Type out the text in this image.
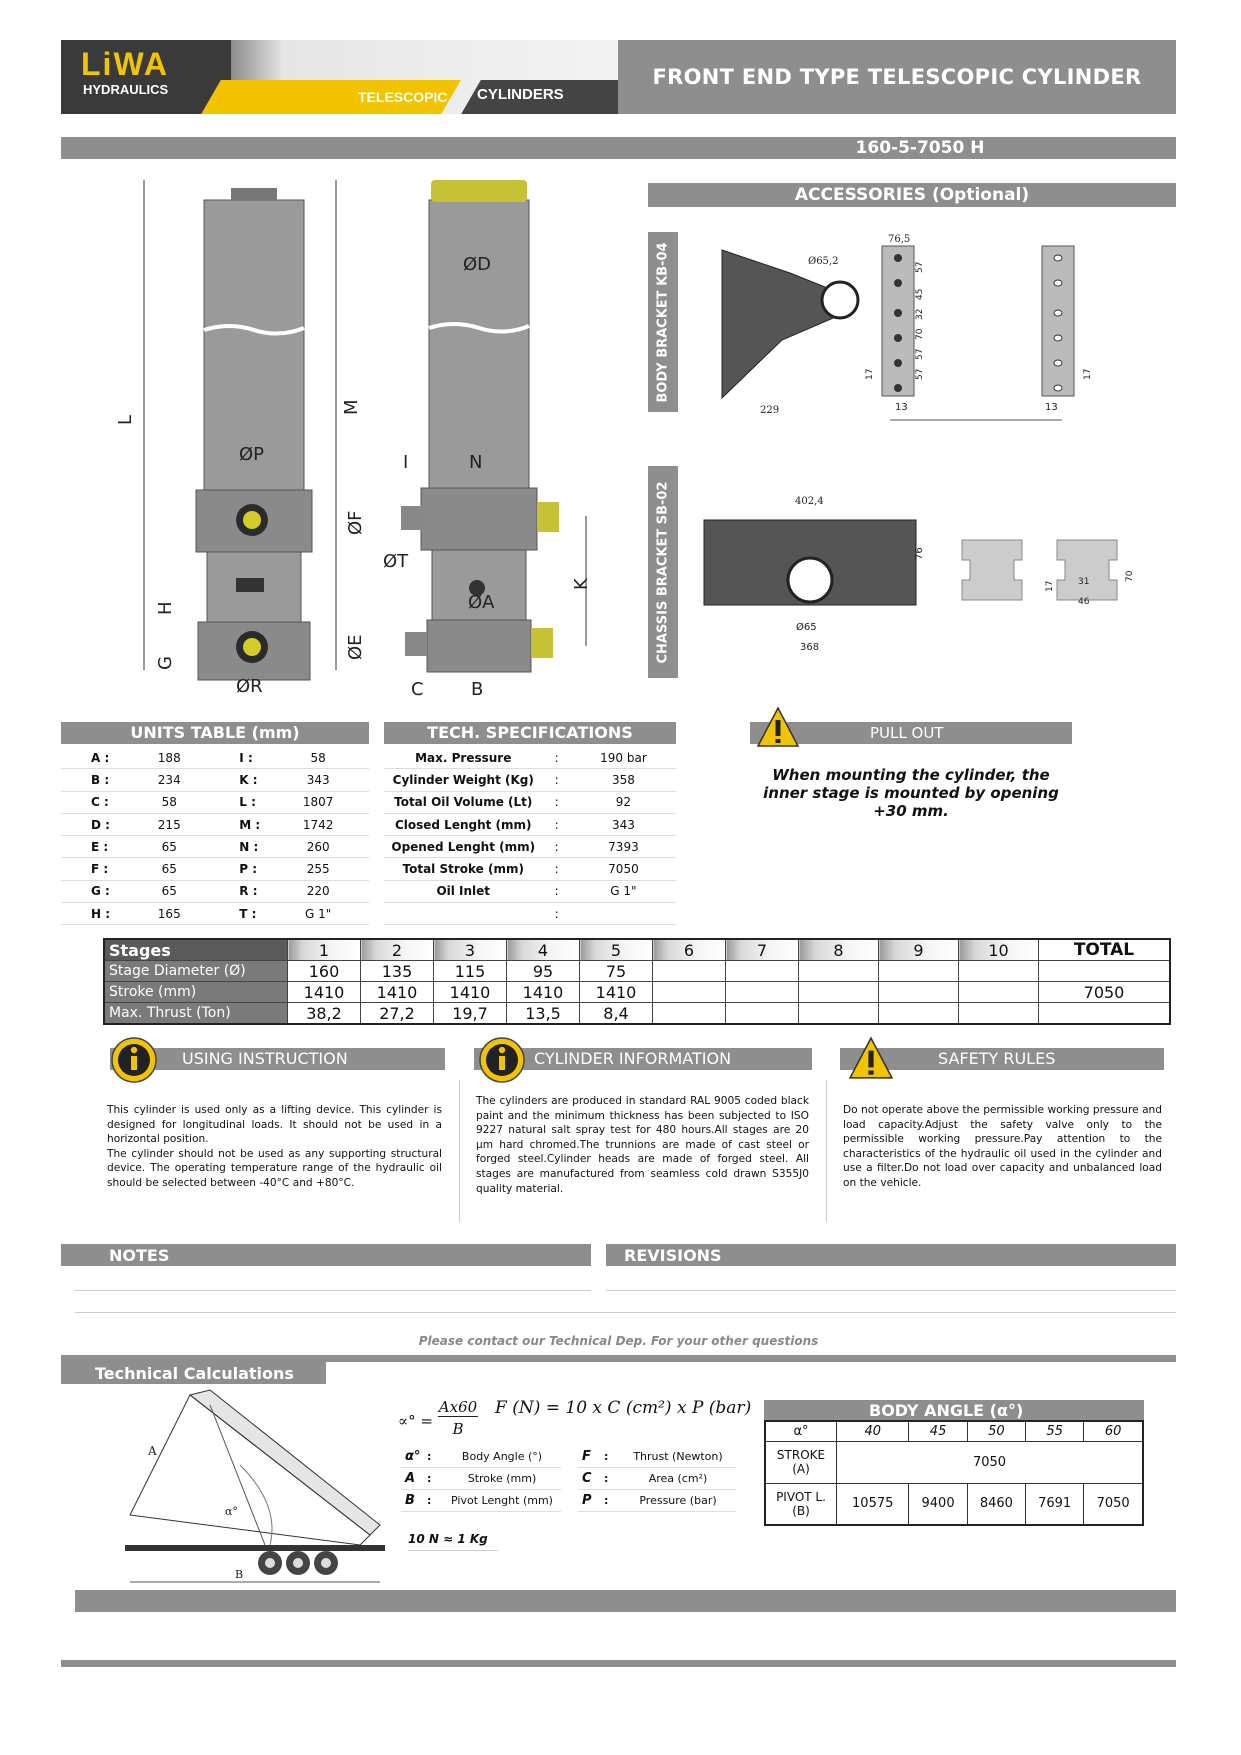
LiWA
HYDRAULICS	TELESCOPIC CYLINDERS
FRONT END TYPE TELESCOPIC CYLINDER
160-5-7050 H
L
M
H
G
ØP
ØR
ØD
I	N
ØF
ØT
ØA
ØE
K
C	B
ACCESSORIES (Optional)
BODY BRACKET KB-04
CHASSIS BRACKET SB-02
Ø65,2
229
76,5
57
45
32
70
57
57
17
13	13
17
402,4
76
Ø65
368
31
46
17
70
UNITS TABLE (mm)
A :	188		I :	58
B :	234		K :	343
C :	58		L :	1807
D :	215		M :	1742
E :	65		N :	260
F :	65		P :	255
G :	65		R :	220
H :	165		T :	G 1"
TECH. SPECIFICATIONS
Max. Pressure	:	190 bar
Cylinder Weight (Kg)	:	358
Total Oil Volume (Lt)	:	92
Closed Lenght (mm)	:	343
Opened Lenght (mm)	:	7393
Total Stroke (mm)	:	7050
Oil Inlet	:	G 1"
	:	
PULL OUT
When mounting the cylinder, the inner stage is mounted by opening +30 mm.
Stages	1	2	3	4	5	6	7	8	9	10	TOTAL
Stage Diameter (Ø)	160	135	115	95	75						
Stroke (mm)	1410	1410	1410	1410	1410						7050
Max. Thrust (Ton)	38,2	27,2	19,7	13,5	8,4						
USING INSTRUCTION
This cylinder is used only as a lifting device. This cylinder is designed for longitudinal loads. It should not be used in a horizontal position.
The cylinder should not be used as any supporting structural device. The operating temperature range of the hydraulic oil should be selected between -40°C and +80°C.
CYLINDER INFORMATION
The cylinders are produced in standard RAL 9005 coded black paint and the minimum thickness has been subjected to ISO 9227 natural salt spray test for 480 hours.All stages are 20 µm hard chromed.The trunnions are made of cast steel or forged steel.Cylinder heads are made of forged steel. All stages are manufactured from seamless cold drawn S355J0 quality material.
SAFETY RULES
Do not operate above the permissible working pressure and load capacity.Adjust the safety valve only to the permissible working pressure.Pay attention to the characteristics of the hydraulic oil used in the cylinder and use a filter.Do not load over capacity and unbalanced load on the vehicle.
NOTES	REVISIONS
Please contact our Technical Dep. For your other questions
Technical Calculations
A
α°
B
∝° =
Ax60
B
F (N) = 10 x C (cm²) x P (bar)
α°	:	Body Angle (°)
A	:	Stroke (mm)
B	:	Pivot Lenght (mm)
F	:	Thrust (Newton)
C	:	Area (cm²)
P	:	Pressure (bar)
10 N ≈ 1 Kg
BODY ANGLE (α°)
α°	40	45	50	55	60
STROKE (A)	7050				
PIVOT L. (B)	10575	9400	8460	7691	7050
